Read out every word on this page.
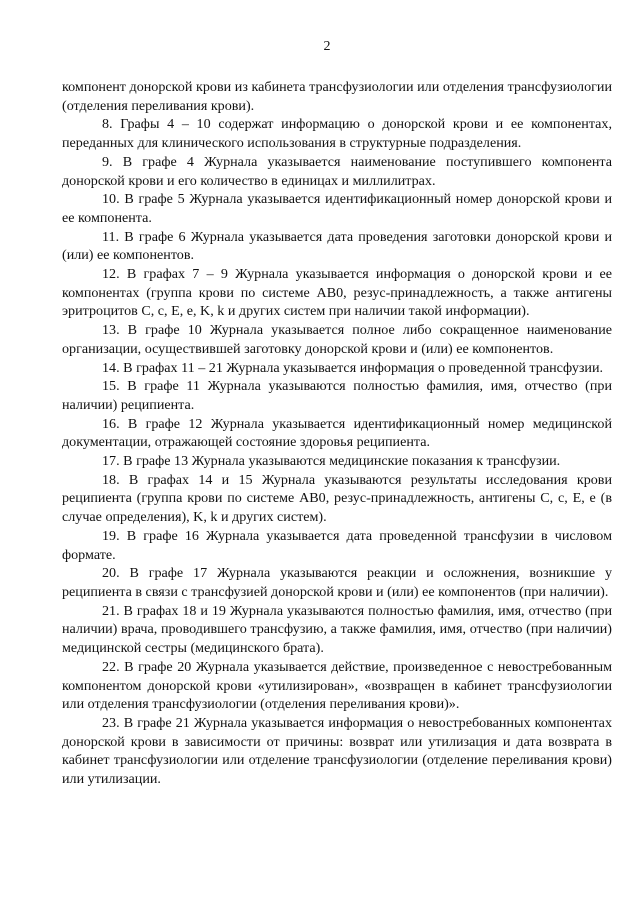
2

компонент донорской крови из кабинета трансфузиологии или отделения трансфузиологии (отделения переливания крови).

8. Графы 4 – 10 содержат информацию о донорской крови и ее компонентах, переданных для клинического использования в структурные подразделения.

9. В графе 4 Журнала указывается наименование поступившего компонента донорской крови и его количество в единицах и миллилитрах.

10. В графе 5 Журнала указывается идентификационный номер донорской крови и ее компонента.

11. В графе 6 Журнала указывается дата проведения заготовки донорской крови и (или) ее компонентов.

12. В графах 7 – 9 Журнала указывается информация о донорской крови и ее компонентах (группа крови по системе АВ0, резус-принадлежность, а также антигены эритроцитов C, c, E, e, K, k и других систем при наличии такой информации).

13. В графе 10 Журнала указывается полное либо сокращенное наименование организации, осуществившей заготовку донорской крови и (или) ее компонентов.

14. В графах 11 – 21 Журнала указывается информация о проведенной трансфузии.

15. В графе 11 Журнала указываются полностью фамилия, имя, отчество (при наличии) реципиента.

16. В графе 12 Журнала указывается идентификационный номер медицинской документации, отражающей состояние здоровья реципиента.

17. В графе 13 Журнала указываются медицинские показания к трансфузии.

18. В графах 14 и 15 Журнала указываются результаты исследования крови реципиента (группа крови по системе АВ0, резус-принадлежность, антигены C, c, E, e (в случае определения), K, k и других систем).

19. В графе 16 Журнала указывается дата проведенной трансфузии в числовом формате.

20. В графе 17 Журнала указываются реакции и осложнения, возникшие у реципиента в связи с трансфузией донорской крови и (или) ее компонентов (при наличии).

21. В графах 18 и 19 Журнала указываются полностью фамилия, имя, отчество (при наличии) врача, проводившего трансфузию, а также фамилия, имя, отчество (при наличии) медицинской сестры (медицинского брата).

22. В графе 20 Журнала указывается действие, произведенное с невостребованным компонентом донорской крови «утилизирован», «возвращен в кабинет трансфузиологии или отделения трансфузиологии (отделения переливания крови)».

23. В графе 21 Журнала указывается информация о невостребованных компонентах донорской крови в зависимости от причины: возврат или утилизация и дата возврата в кабинет трансфузиологии или отделение трансфузиологии (отделение переливания крови) или утилизации.
